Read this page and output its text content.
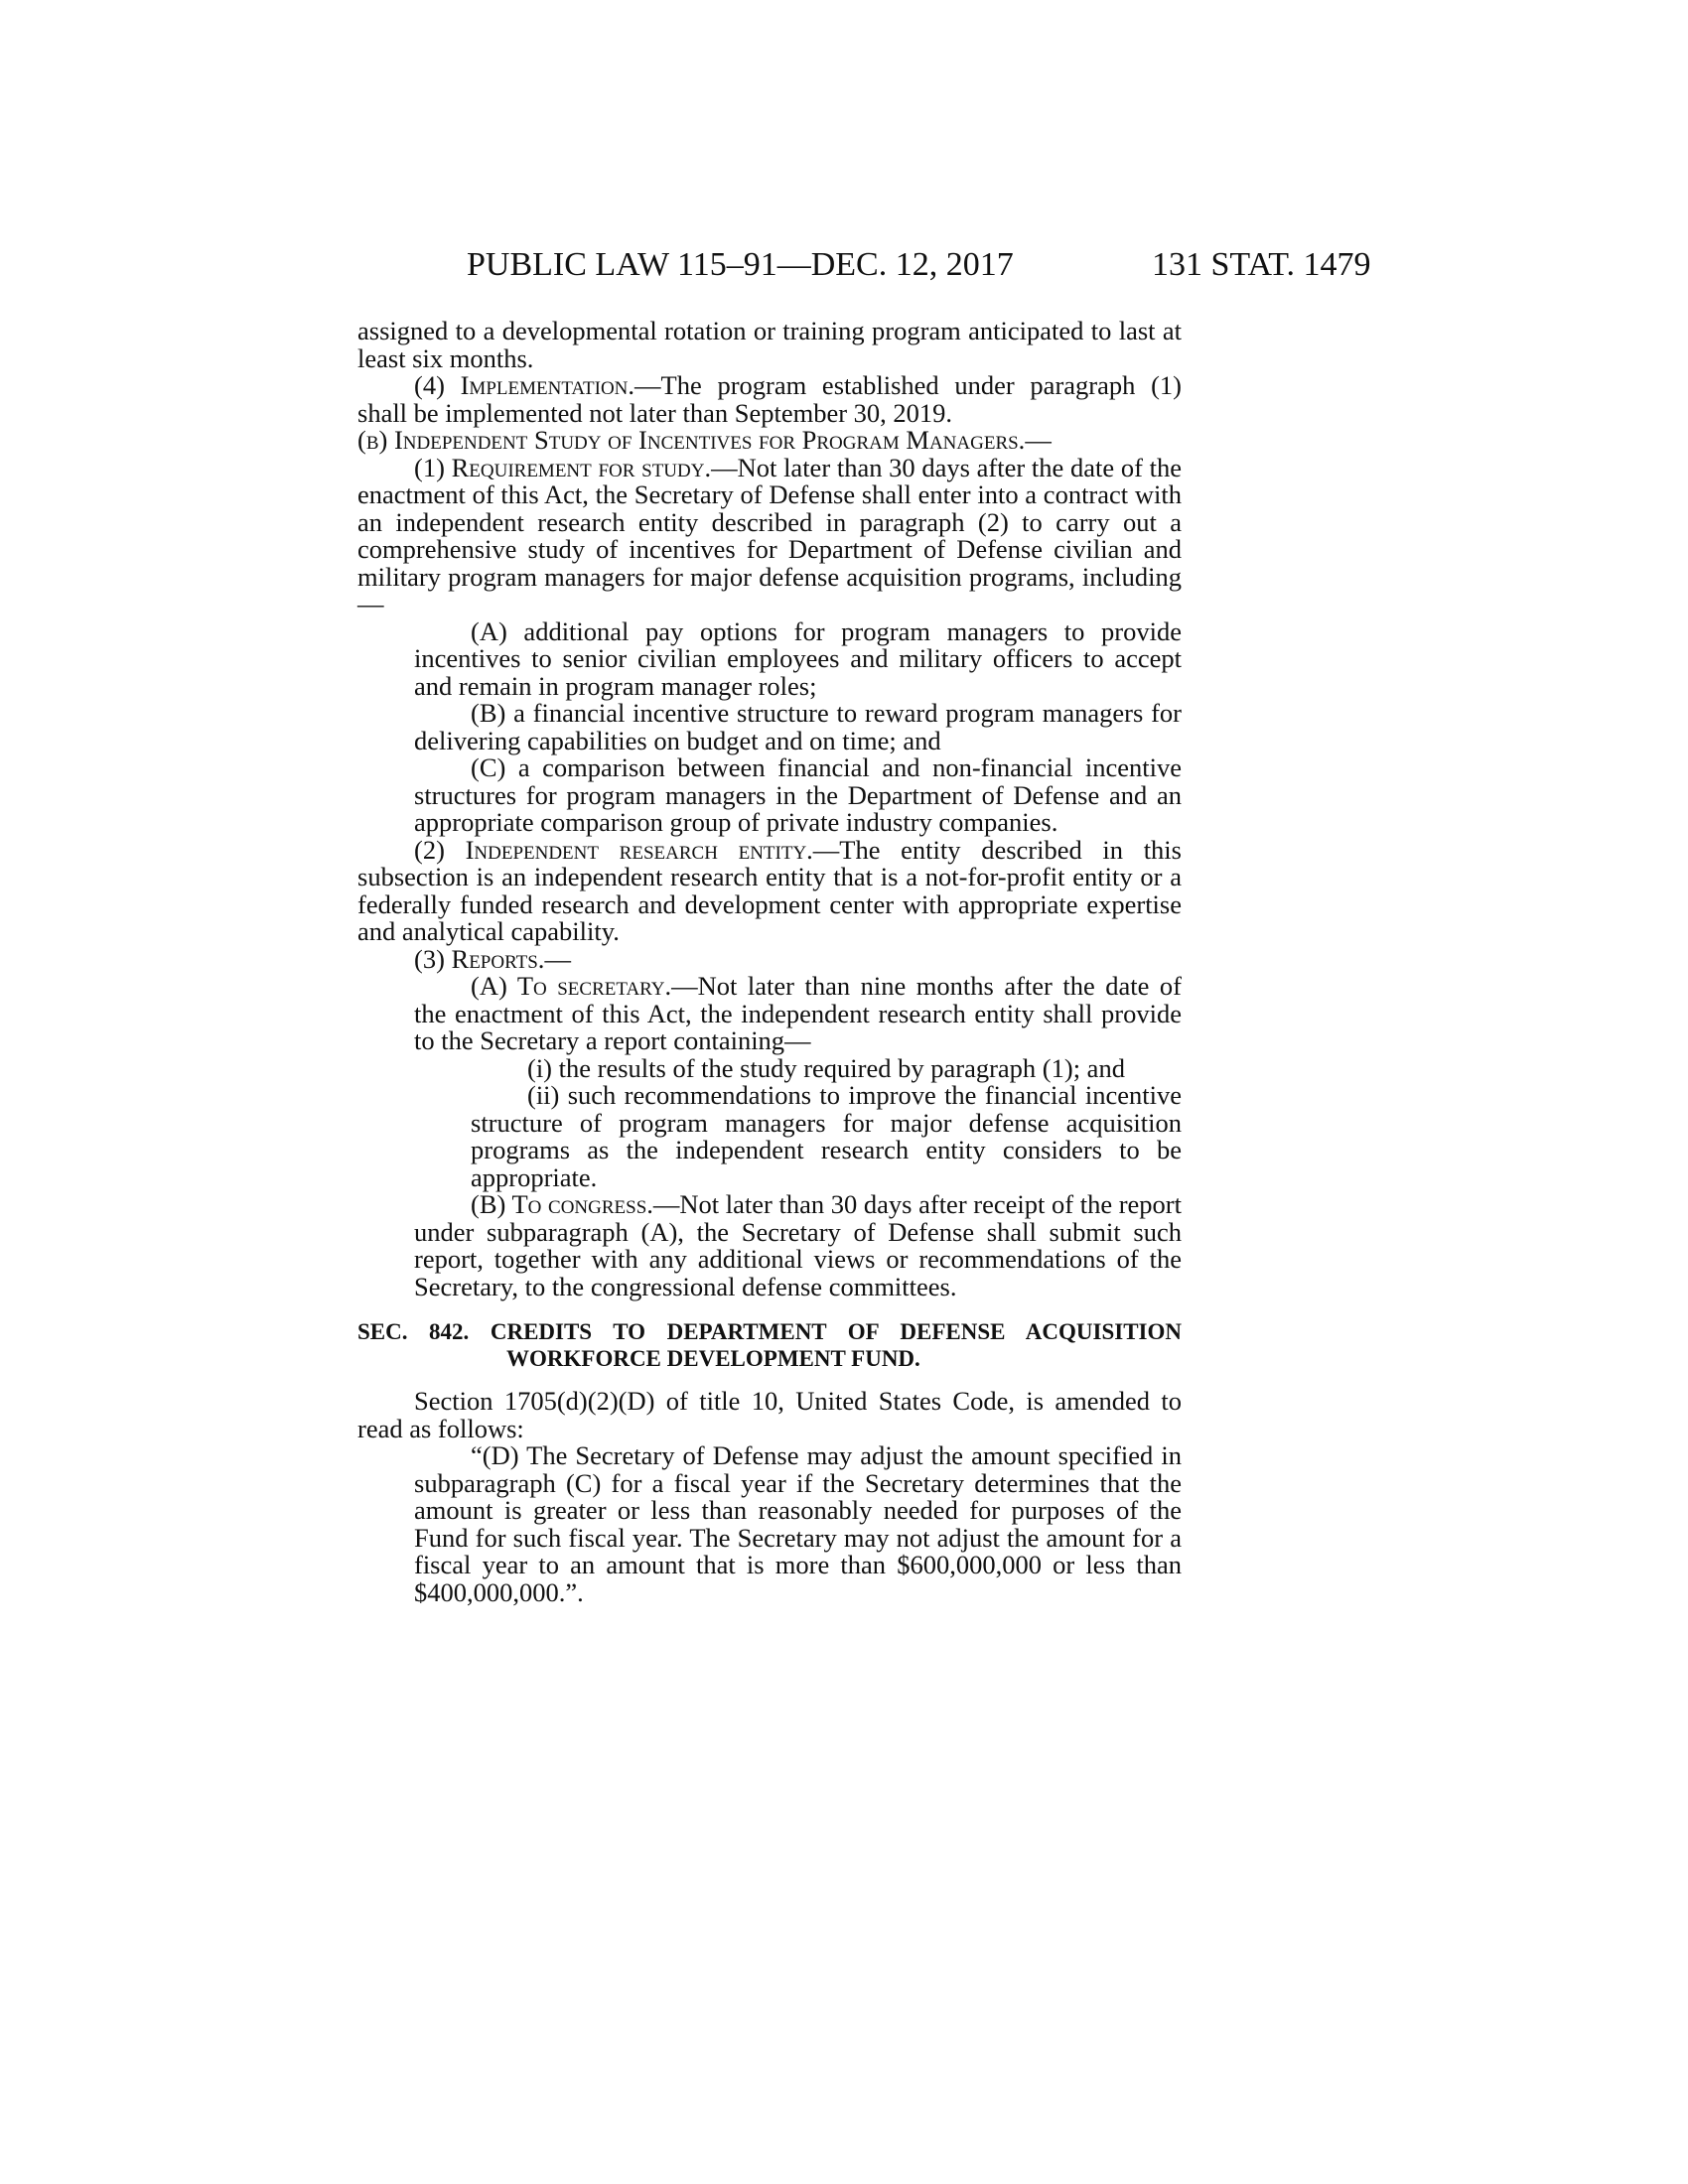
PUBLIC LAW 115–91—DEC. 12, 2017	131 STAT. 1479

assigned to a developmental rotation or training program anticipated to last at least six months.

(4) Implementation.—The program established under paragraph (1) shall be implemented not later than September 30, 2019.

(b) Independent Study of Incentives for Program Managers.—

(1) Requirement for study.—Not later than 30 days after the date of the enactment of this Act, the Secretary of Defense shall enter into a contract with an independent research entity described in paragraph (2) to carry out a comprehensive study of incentives for Department of Defense civilian and military program managers for major defense acquisition programs, including—

(A) additional pay options for program managers to provide incentives to senior civilian employees and military officers to accept and remain in program manager roles;

(B) a financial incentive structure to reward program managers for delivering capabilities on budget and on time; and

(C) a comparison between financial and non-financial incentive structures for program managers in the Department of Defense and an appropriate comparison group of private industry companies.

(2) Independent research entity.—The entity described in this subsection is an independent research entity that is a not-for-profit entity or a federally funded research and development center with appropriate expertise and analytical capability.

(3) Reports.—

(A) To secretary.—Not later than nine months after the date of the enactment of this Act, the independent research entity shall provide to the Secretary a report containing—

(i) the results of the study required by paragraph (1); and

(ii) such recommendations to improve the financial incentive structure of program managers for major defense acquisition programs as the independent research entity considers to be appropriate.

(B) To congress.—Not later than 30 days after receipt of the report under subparagraph (A), the Secretary of Defense shall submit such report, together with any additional views or recommendations of the Secretary, to the congressional defense committees.

SEC. 842. CREDITS TO DEPARTMENT OF DEFENSE ACQUISITION WORKFORCE DEVELOPMENT FUND.

Section 1705(d)(2)(D) of title 10, United States Code, is amended to read as follows:

“(D) The Secretary of Defense may adjust the amount specified in subparagraph (C) for a fiscal year if the Secretary determines that the amount is greater or less than reasonably needed for purposes of the Fund for such fiscal year. The Secretary may not adjust the amount for a fiscal year to an amount that is more than $600,000,000 or less than $400,000,000.”.
